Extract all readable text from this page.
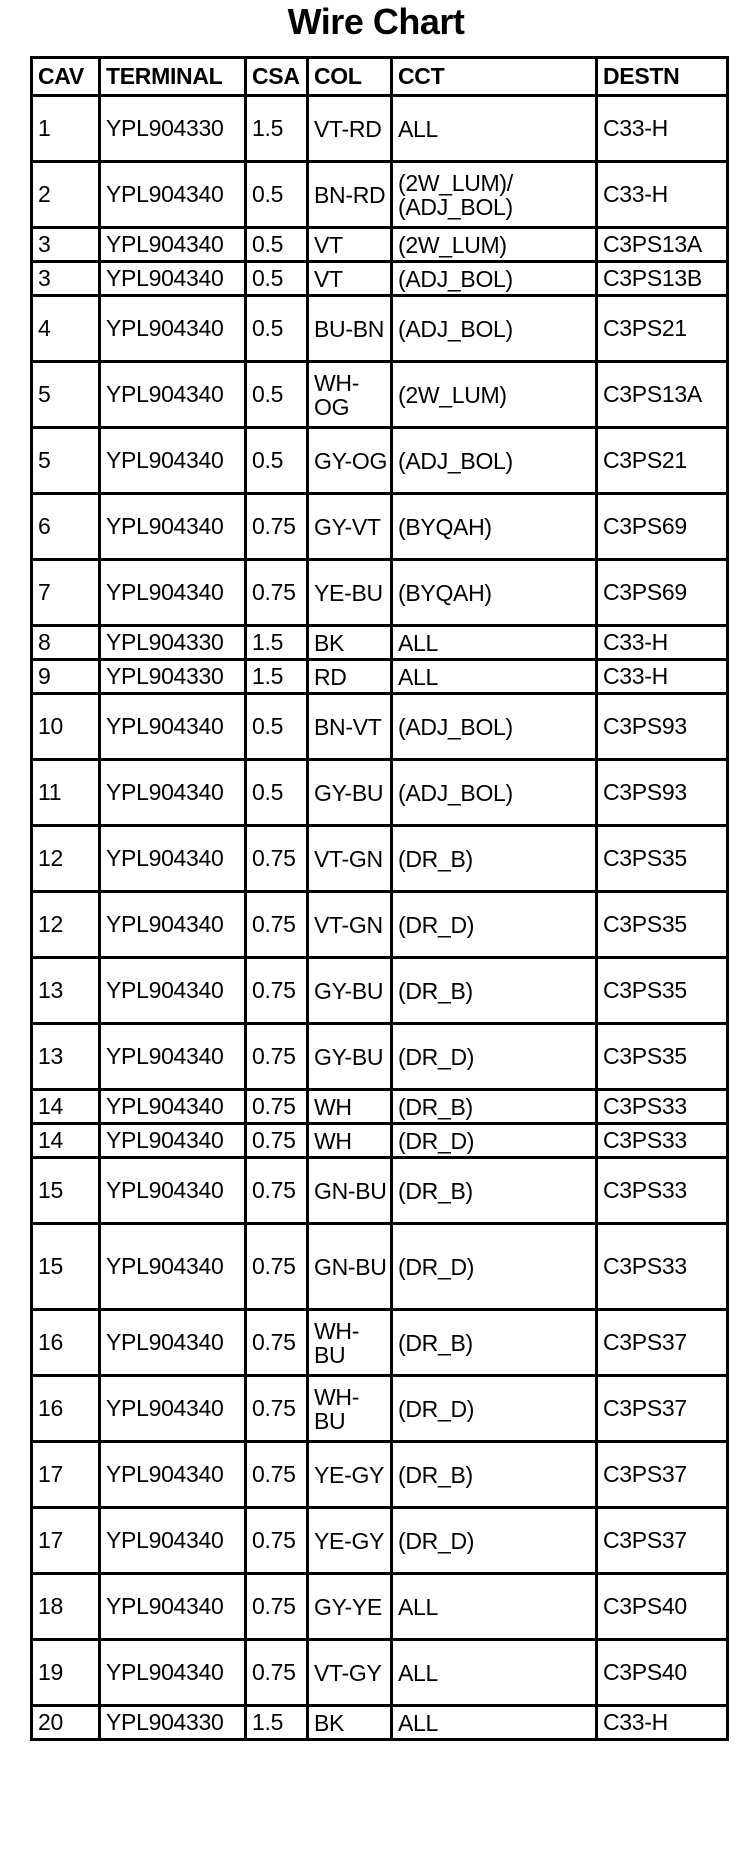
Wire Chart
CAV	TERMINAL	CSA	COL	CCT	DESTN
1	YPL904330	1.5	VT-RD	ALL	C33-H
2	YPL904340	0.5	BN-RD	(2W_LUM)/ (ADJ_BOL)	C33-H
3	YPL904340	0.5	VT	(2W_LUM)	C3PS13A
3	YPL904340	0.5	VT	(ADJ_BOL)	C3PS13B
4	YPL904340	0.5	BU-BN	(ADJ_BOL)	C3PS21
5	YPL904340	0.5	WH-OG	(2W_LUM)	C3PS13A
5	YPL904340	0.5	GY-OG	(ADJ_BOL)	C3PS21
6	YPL904340	0.75	GY-VT	(BYQAH)	C3PS69
7	YPL904340	0.75	YE-BU	(BYQAH)	C3PS69
8	YPL904330	1.5	BK	ALL	C33-H
9	YPL904330	1.5	RD	ALL	C33-H
10	YPL904340	0.5	BN-VT	(ADJ_BOL)	C3PS93
11	YPL904340	0.5	GY-BU	(ADJ_BOL)	C3PS93
12	YPL904340	0.75	VT-GN	(DR_B)	C3PS35
12	YPL904340	0.75	VT-GN	(DR_D)	C3PS35
13	YPL904340	0.75	GY-BU	(DR_B)	C3PS35
13	YPL904340	0.75	GY-BU	(DR_D)	C3PS35
14	YPL904340	0.75	WH	(DR_B)	C3PS33
14	YPL904340	0.75	WH	(DR_D)	C3PS33
15	YPL904340	0.75	GN-BU	(DR_B)	C3PS33
15	YPL904340	0.75	GN-BU	(DR_D)	C3PS33
16	YPL904340	0.75	WH-BU	(DR_B)	C3PS37
16	YPL904340	0.75	WH-BU	(DR_D)	C3PS37
17	YPL904340	0.75	YE-GY	(DR_B)	C3PS37
17	YPL904340	0.75	YE-GY	(DR_D)	C3PS37
18	YPL904340	0.75	GY-YE	ALL	C3PS40
19	YPL904340	0.75	VT-GY	ALL	C3PS40
20	YPL904330	1.5	BK	ALL	C33-H
